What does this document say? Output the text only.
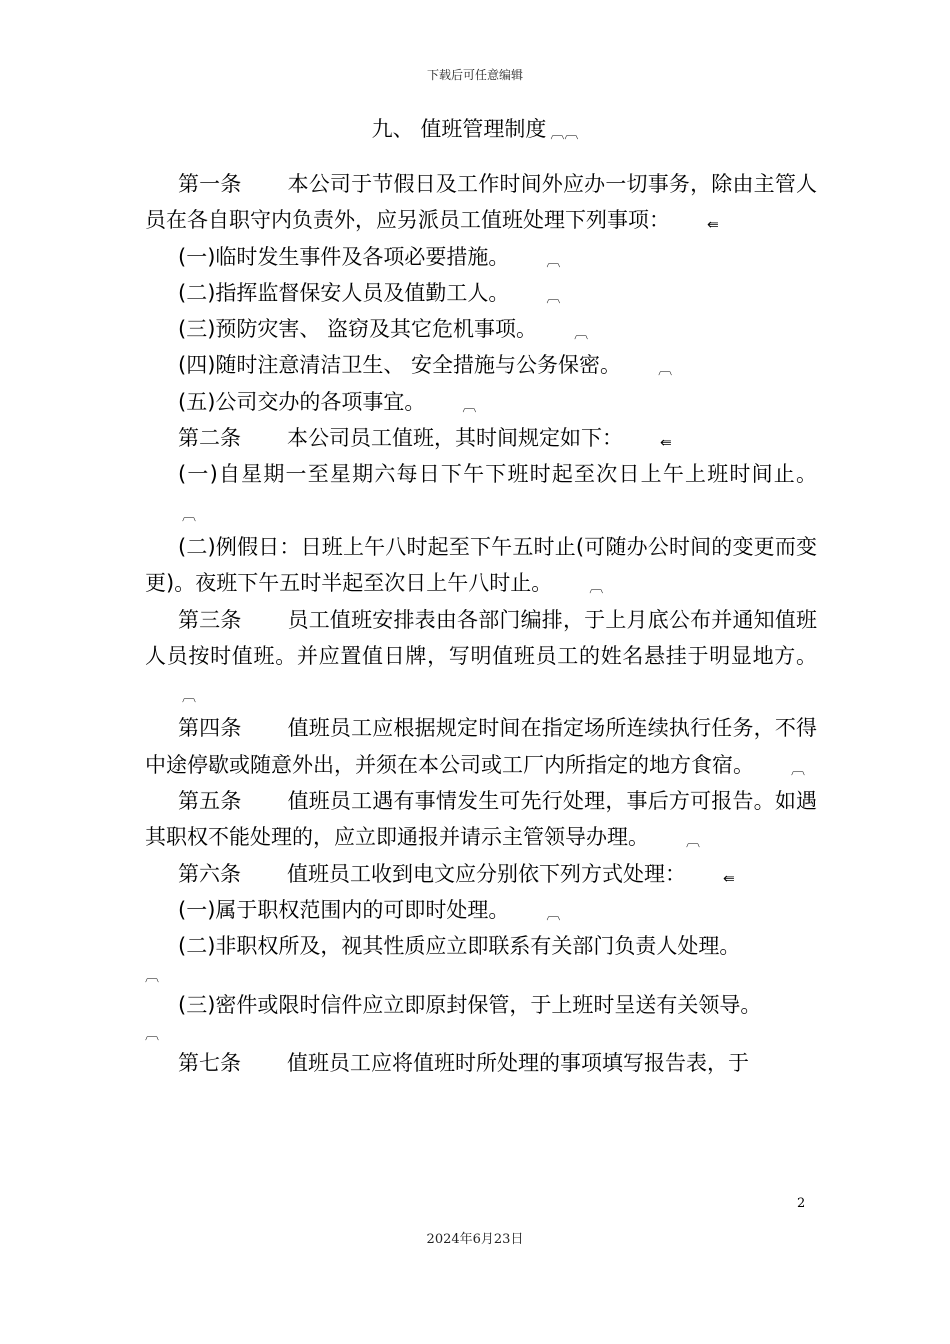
下载后可任意编辑
九、 值班管理制度 ︹︹

第一条 本公司于节假日及工作时间外应办一切事务，除由主管人员在各自职守内负责外，应另派员工值班处理下列事项：	⇚

(一)临时发生事件及各项必要措施。	︹

(二)指挥监督保安人员及值勤工人。	︹

(三)预防灾害、 盗窃及其它危机事项。	︹

(四)随时注意清洁卫生、 安全措施与公务保密。	︹

(五)公司交办的各项事宜。	︹

第二条 本公司员工值班，其时间规定如下：	⇚

(一)自星期一至星期六每日下午下班时起至次日上午上班时间止。︹

(二)例假日：日班上午八时起至下午五时止(可随办公时间的变更而变更)。夜班下午五时半起至次日上午八时止。	︹

第三条 员工值班安排表由各部门编排，于上月底公布并通知值班人员按时值班。并应置值日牌，写明值班员工的姓名悬挂于明显地方。︹

第四条 值班员工应根据规定时间在指定场所连续执行任务，不得中途停歇或随意外出，并须在本公司或工厂内所指定的地方食宿。	︹

第五条 值班员工遇有事情发生可先行处理，事后方可报告。如遇其职权不能处理的，应立即通报并请示主管领导办理。	︹

第六条 值班员工收到电文应分别依下列方式处理：	⇚

(一)属于职权范围内的可即时处理。	︹

(二)非职权所及，视其性质应立即联系有关部门负责人处理。
︹

(三)密件或限时信件应立即原封保管，于上班时呈送有关领导。
︹

第七条 值班员工应将值班时所处理的事项填写报告表，于

2
2024年6月23日
